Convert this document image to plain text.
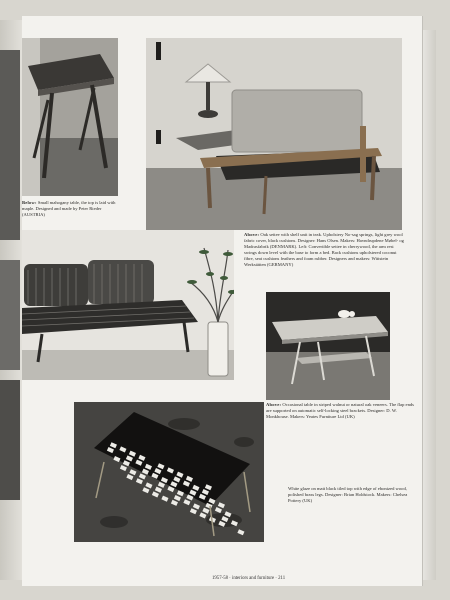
Below: Small mahogany table, the top is laid with maple. Designed and made by Peter Rieder (AUSTRIA)
Above: Oak settee with shelf unit in teak. Upholstery No-sag springs, light grey wool fabric cover, black cushions. Designer: Hans Olsen. Makers: Havndrupdene Møbel- og Madrasfabrik (DENMARK). Left: Convertible settee in cherrywood, the arm rest swings down level with the base to form a bed. Back cushions upholstered coconut fibre, seat cushions feathers and foam rubber. Designers and makers: Wittstein Werkstätten (GERMANY)
Above: Occasional table in striped walnut or natural oak veneers. The flap ends are supported on automatic self-locking steel brackets. Designer: D. W. Monkhouse. Makers: Yeates Furniture Ltd (UK)
White glaze on matt black tiled top with edge of ebonized wood, polished brass legs. Designer: Brian Holdstock. Makers: Chelsea Pottery (UK)
1957-58 · interiors and furniture · 211
